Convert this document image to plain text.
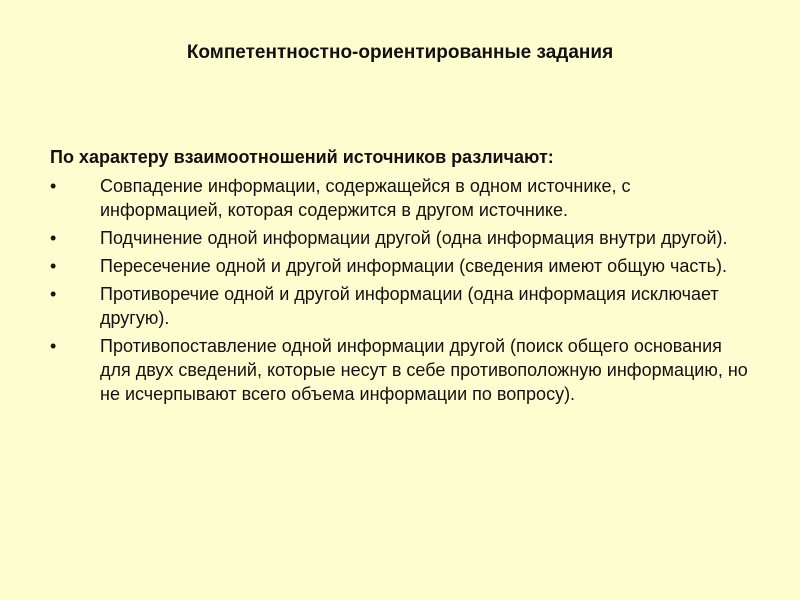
Компетентностно-ориентированные задания

По характеру взаимоотношений источников различают:

•	Совпадение информации, содержащейся в одном источнике, с информацией, которая содержится в другом источнике.
•	Подчинение одной информации другой (одна информация внутри другой).
•	Пересечение одной и другой информации (сведения имеют общую часть).
•	Противоречие одной и другой информации (одна информация исключает другую).
•	Противопоставление одной информации другой (поиск общего основания для двух сведений, которые несут в себе противоположную информацию, но не исчерпывают всего объема информации по вопросу).
